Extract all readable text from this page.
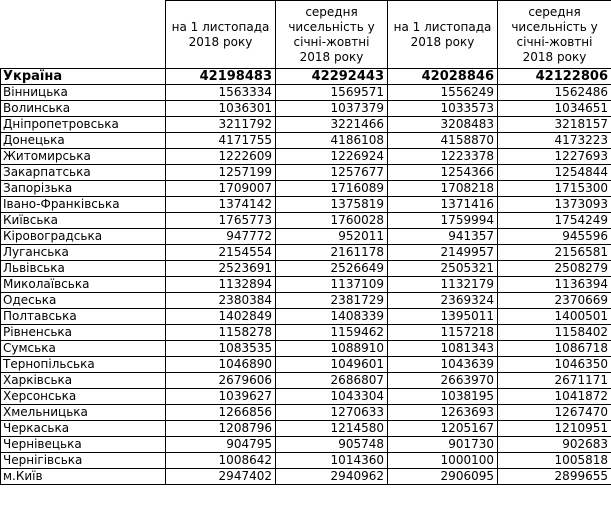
	на 1 листопада 2018 року	середня чисельність у січні-жовтні 2018 року	на 1 листопада 2018 року	середня чисельність у січні-жовтні 2018 року
Україна	42198483	42292443	42028846	42122806
Вінницька	1563334	1569571	1556249	1562486
Волинська	1036301	1037379	1033573	1034651
Дніпропетровська	3211792	3221466	3208483	3218157
Донецька	4171755	4186108	4158870	4173223
Житомирська	1222609	1226924	1223378	1227693
Закарпатська	1257199	1257677	1254366	1254844
Запорізька	1709007	1716089	1708218	1715300
Івано-Франківська	1374142	1375819	1371416	1373093
Київська	1765773	1760028	1759994	1754249
Кіровоградська	947772	952011	941357	945596
Луганська	2154554	2161178	2149957	2156581
Львівська	2523691	2526649	2505321	2508279
Миколаївська	1132894	1137109	1132179	1136394
Одеська	2380384	2381729	2369324	2370669
Полтавська	1402849	1408339	1395011	1400501
Рівненська	1158278	1159462	1157218	1158402
Сумська	1083535	1088910	1081343	1086718
Тернопільська	1046890	1049601	1043639	1046350
Харківська	2679606	2686807	2663970	2671171
Херсонська	1039627	1043304	1038195	1041872
Хмельницька	1266856	1270633	1263693	1267470
Черкаська	1208796	1214580	1205167	1210951
Чернівецька	904795	905748	901730	902683
Чернігівська	1008642	1014360	1000100	1005818
м.Київ	2947402	2940962	2906095	2899655
